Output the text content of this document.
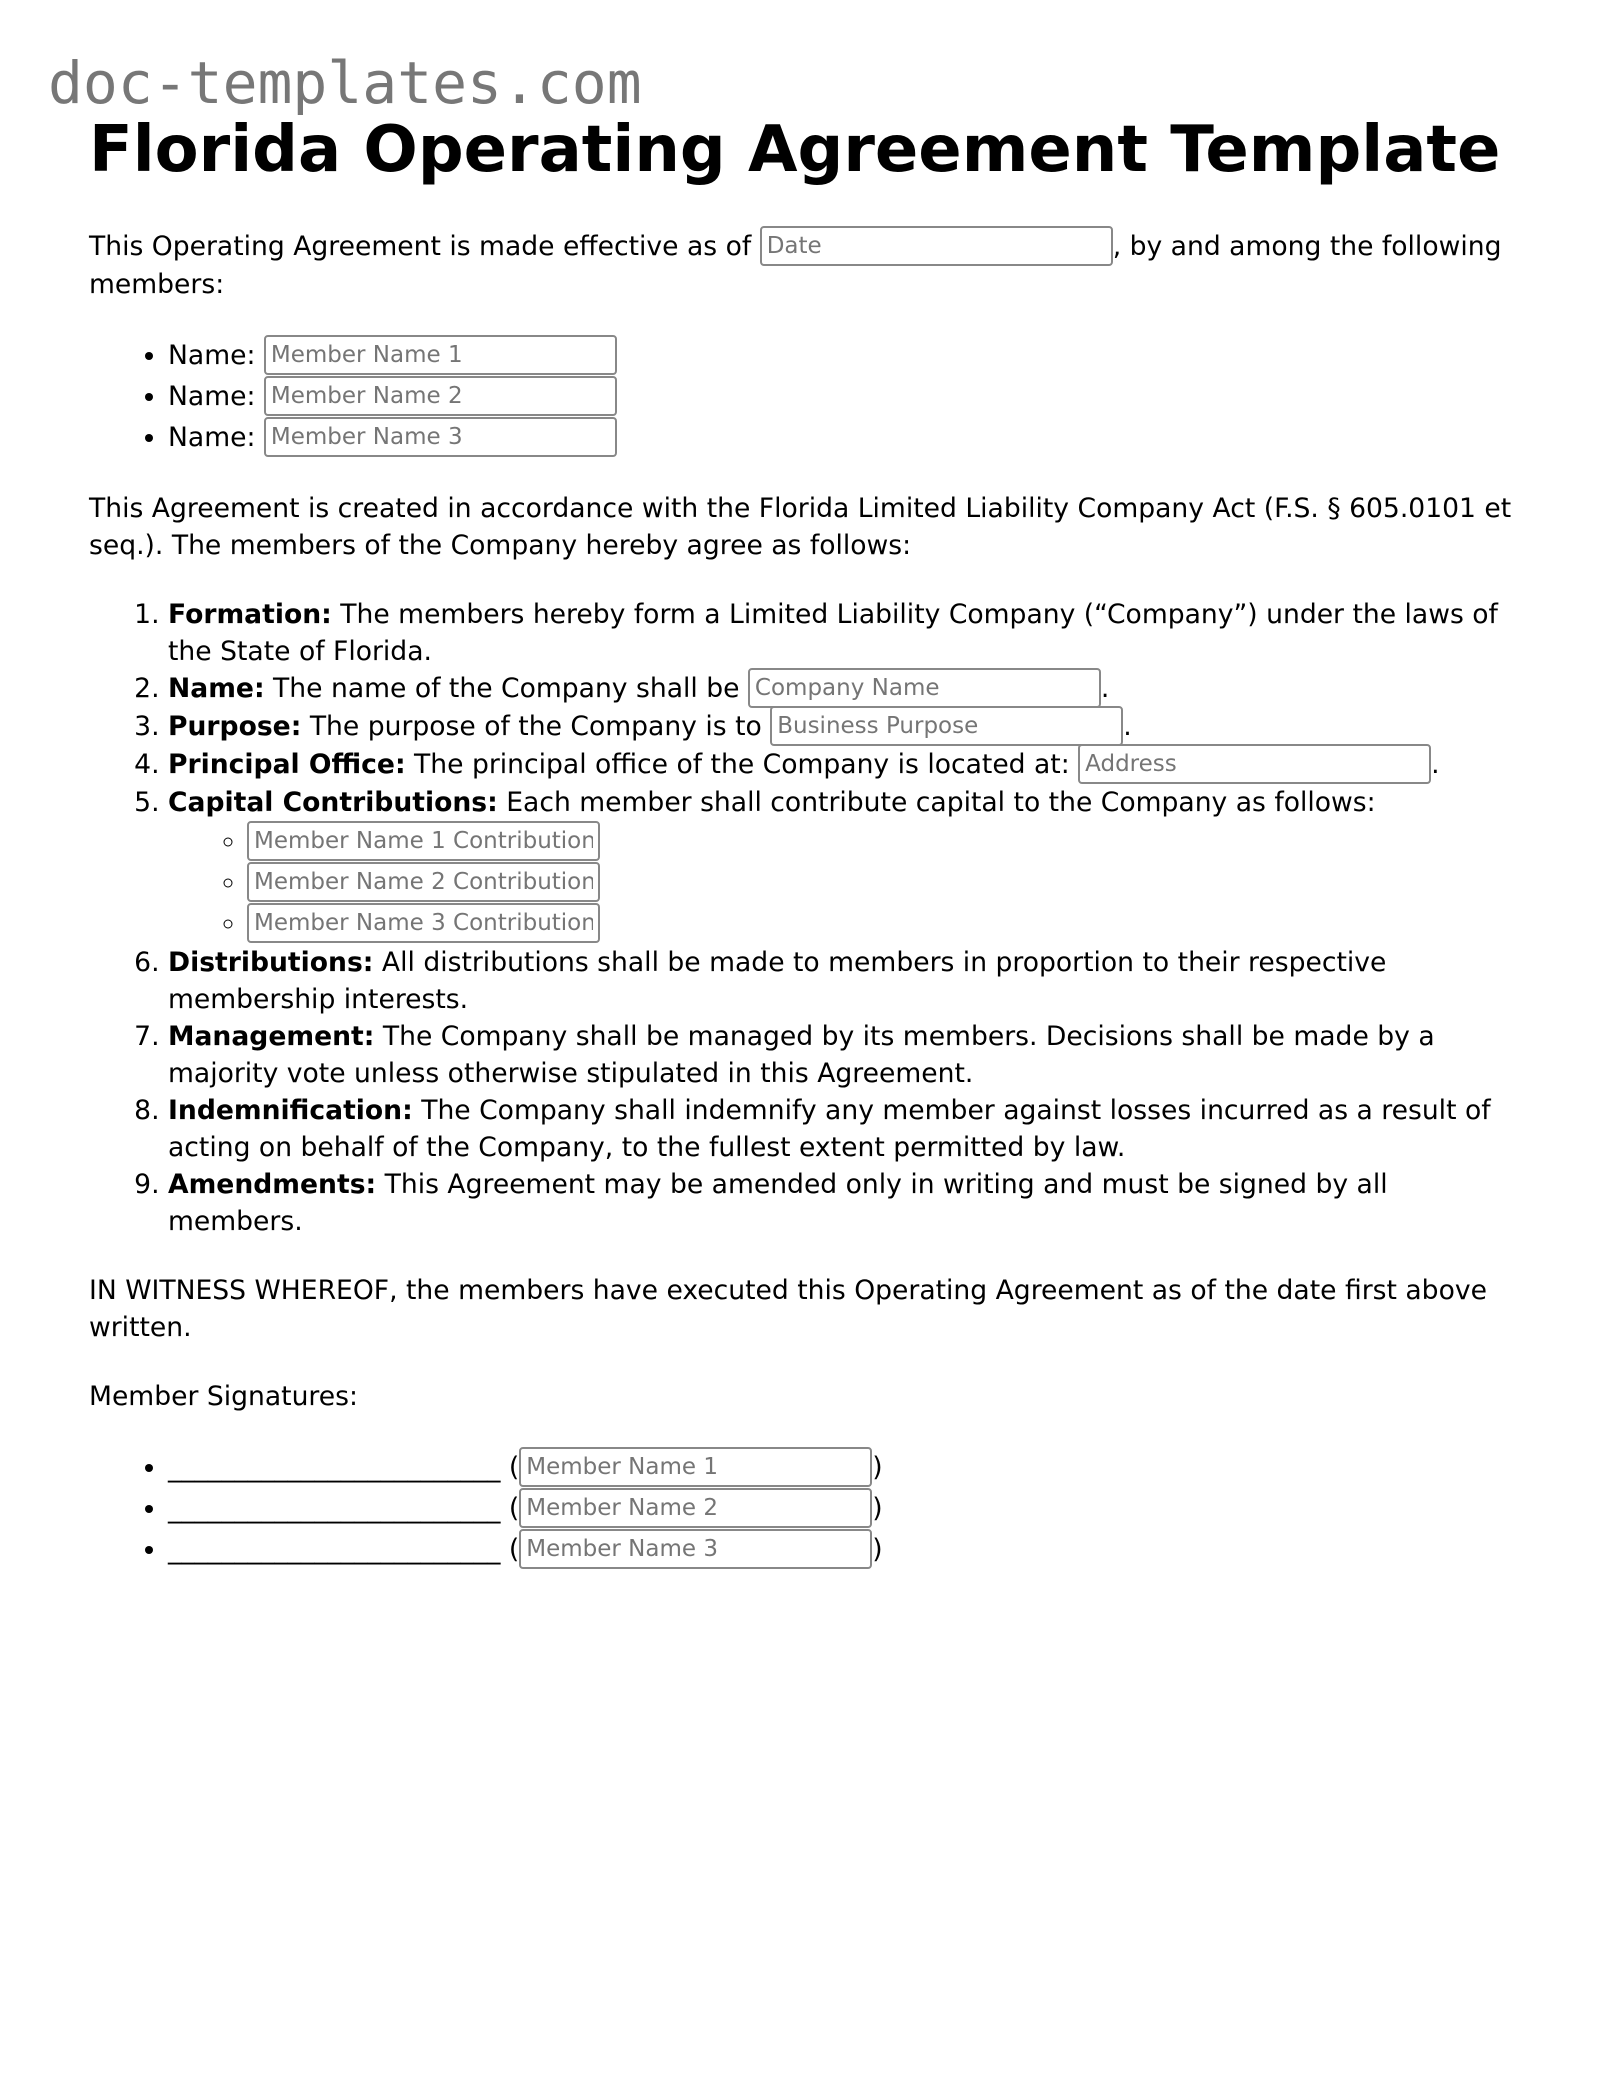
doc-templates.com
Florida Operating Agreement Template

This Operating Agreement is made effective as of Date	, by and among the following members:

• Name: Member Name 1
• Name: Member Name 2
• Name: Member Name 3

This Agreement is created in accordance with the Florida Limited Liability Company Act (F.S. § 605.0101 et seq.). The members of the Company hereby agree as follows:

1. Formation: The members hereby form a Limited Liability Company (“Company”) under the laws of the State of Florida.
2. Name: The name of the Company shall be Company Name	.
3. Purpose: The purpose of the Company is to Business Purpose	.
4. Principal Office: The principal office of the Company is located at: Address	.
5. Capital Contributions: Each member shall contribute capital to the Company as follows:
◦ Member Name 1 Contribution
◦ Member Name 2 Contribution
◦ Member Name 3 Contribution
6. Distributions: All distributions shall be made to members in proportion to their respective membership interests.
7. Management: The Company shall be managed by its members. Decisions shall be made by a majority vote unless otherwise stipulated in this Agreement.
8. Indemnification: The Company shall indemnify any member against losses incurred as a result of acting on behalf of the Company, to the fullest extent permitted by law.
9. Amendments: This Agreement may be amended only in writing and must be signed by all members.

IN WITNESS WHEREOF, the members have executed this Operating Agreement as of the date first above written.

Member Signatures:

• _________________________ (Member Name 1	)
• _________________________ (Member Name 2	)
• _________________________ (Member Name 3	)
